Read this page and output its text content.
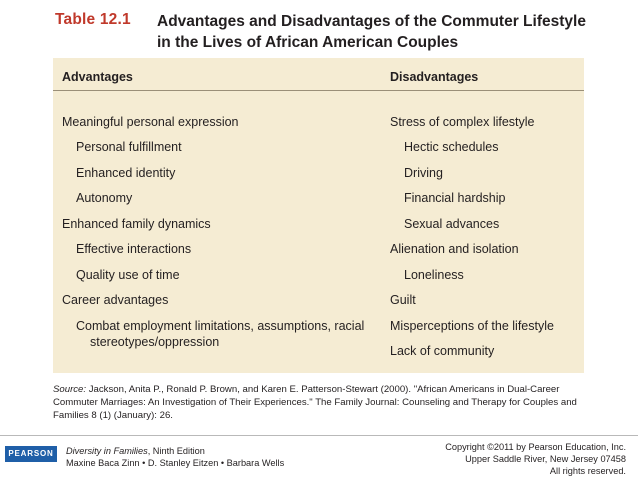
Table 12.1 Advantages and Disadvantages of the Commuter Lifestyle in the Lives of African American Couples
Advantages	Disadvantages
Meaningful personal expression
Personal fulfillment
Enhanced identity
Autonomy
Enhanced family dynamics
Effective interactions
Quality use of time
Career advantages
Combat employment limitations, assumptions, racial stereotypes/oppression
Stress of complex lifestyle
Hectic schedules
Driving
Financial hardship
Sexual advances
Alienation and isolation
Loneliness
Guilt
Misperceptions of the lifestyle
Lack of community
Source: Jackson, Anita P., Ronald P. Brown, and Karen E. Patterson-Stewart (2000). "African Americans in Dual-Career Commuter Marriages: An Investigation of Their Experiences." The Family Journal: Counseling and Therapy for Couples and Families 8 (1) (January): 26.
PEARSON	Diversity in Families, Ninth Edition
Maxine Baca Zinn • D. Stanley Eitzen • Barbara Wells
Copyright ©2011 by Pearson Education, Inc.
Upper Saddle River, New Jersey 07458
All rights reserved.
